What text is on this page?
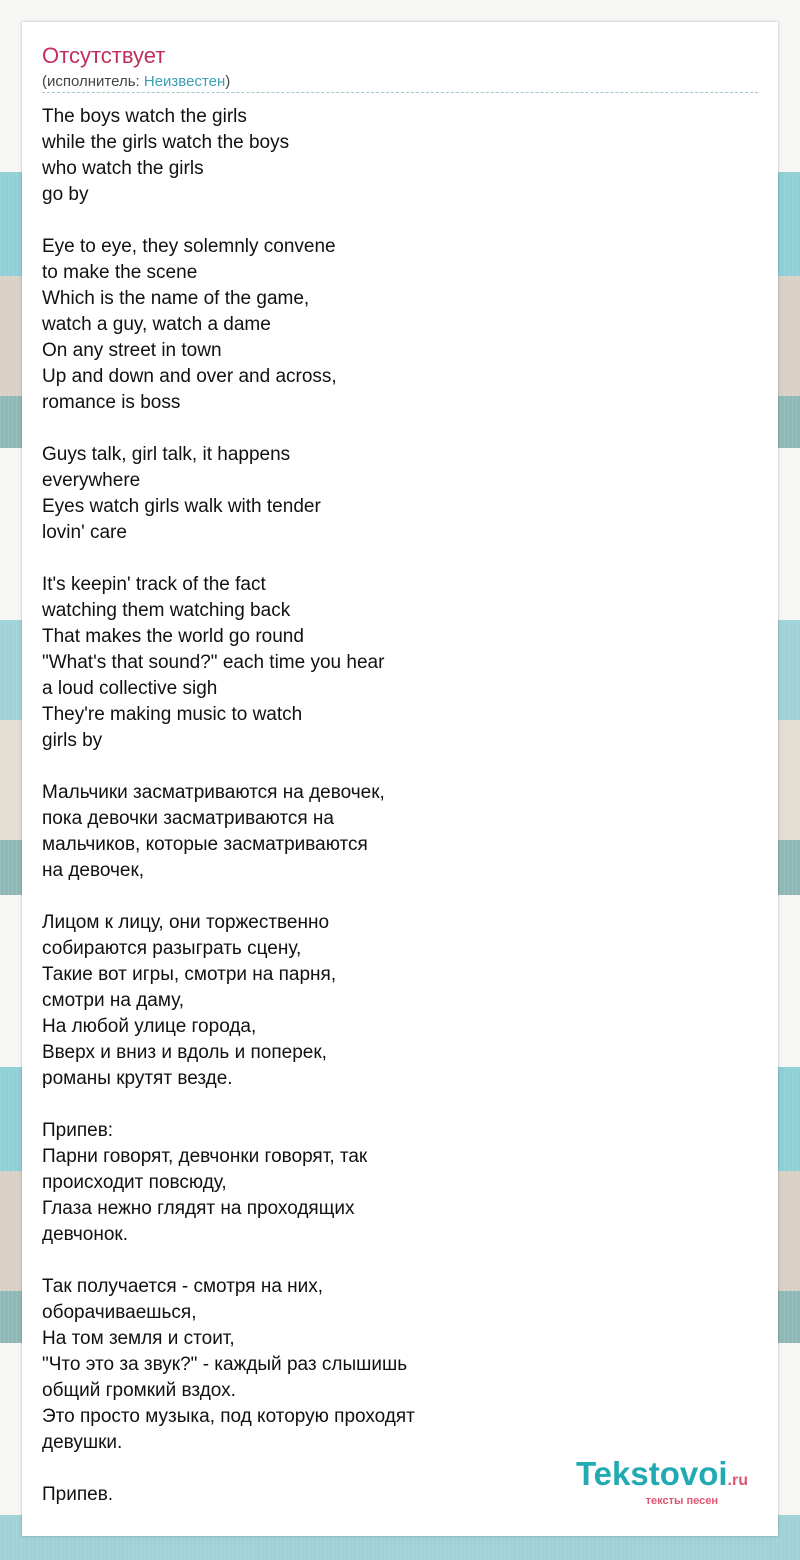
Отсутствует
(исполнитель: Неизвестен)
The boys watch the girls
while the girls watch the boys
who watch the girls
go by

Eye to eye, they solemnly convene
to make the scene
Which is the name of the game,
watch a guy, watch a dame
On any street in town
Up and down and over and across,
romance is boss

Guys talk, girl talk, it happens
everywhere
Eyes watch girls walk with tender
lovin' care

It's keepin' track of the fact
watching them watching back
That makes the world go round
"What's that sound?" each time you hear
a loud collective sigh
They're making music to watch
girls by

Мальчики засматриваются на девочек,
пока девочки засматриваются на
мальчиков, которые засматриваются
на девочек,

Лицом к лицу, они торжественно
собираются разыграть сцену,
Такие вот игры, смотри на парня,
смотри на даму,
На любой улице города,
Вверх и вниз и вдоль и поперек,
романы крутят везде.

Припев:
Парни говорят, девчонки говорят, так
происходит повсюду,
Глаза нежно глядят на проходящих
девчонок.

Так получается - смотря на них,
оборачиваешься,
На том земля и стоит,
"Что это за звук?" - каждый раз слышишь
общий громкий вздох.
Это просто музыка, под которую проходят
девушки.

Припев.
Tekstovoi.ru
тексты песен
